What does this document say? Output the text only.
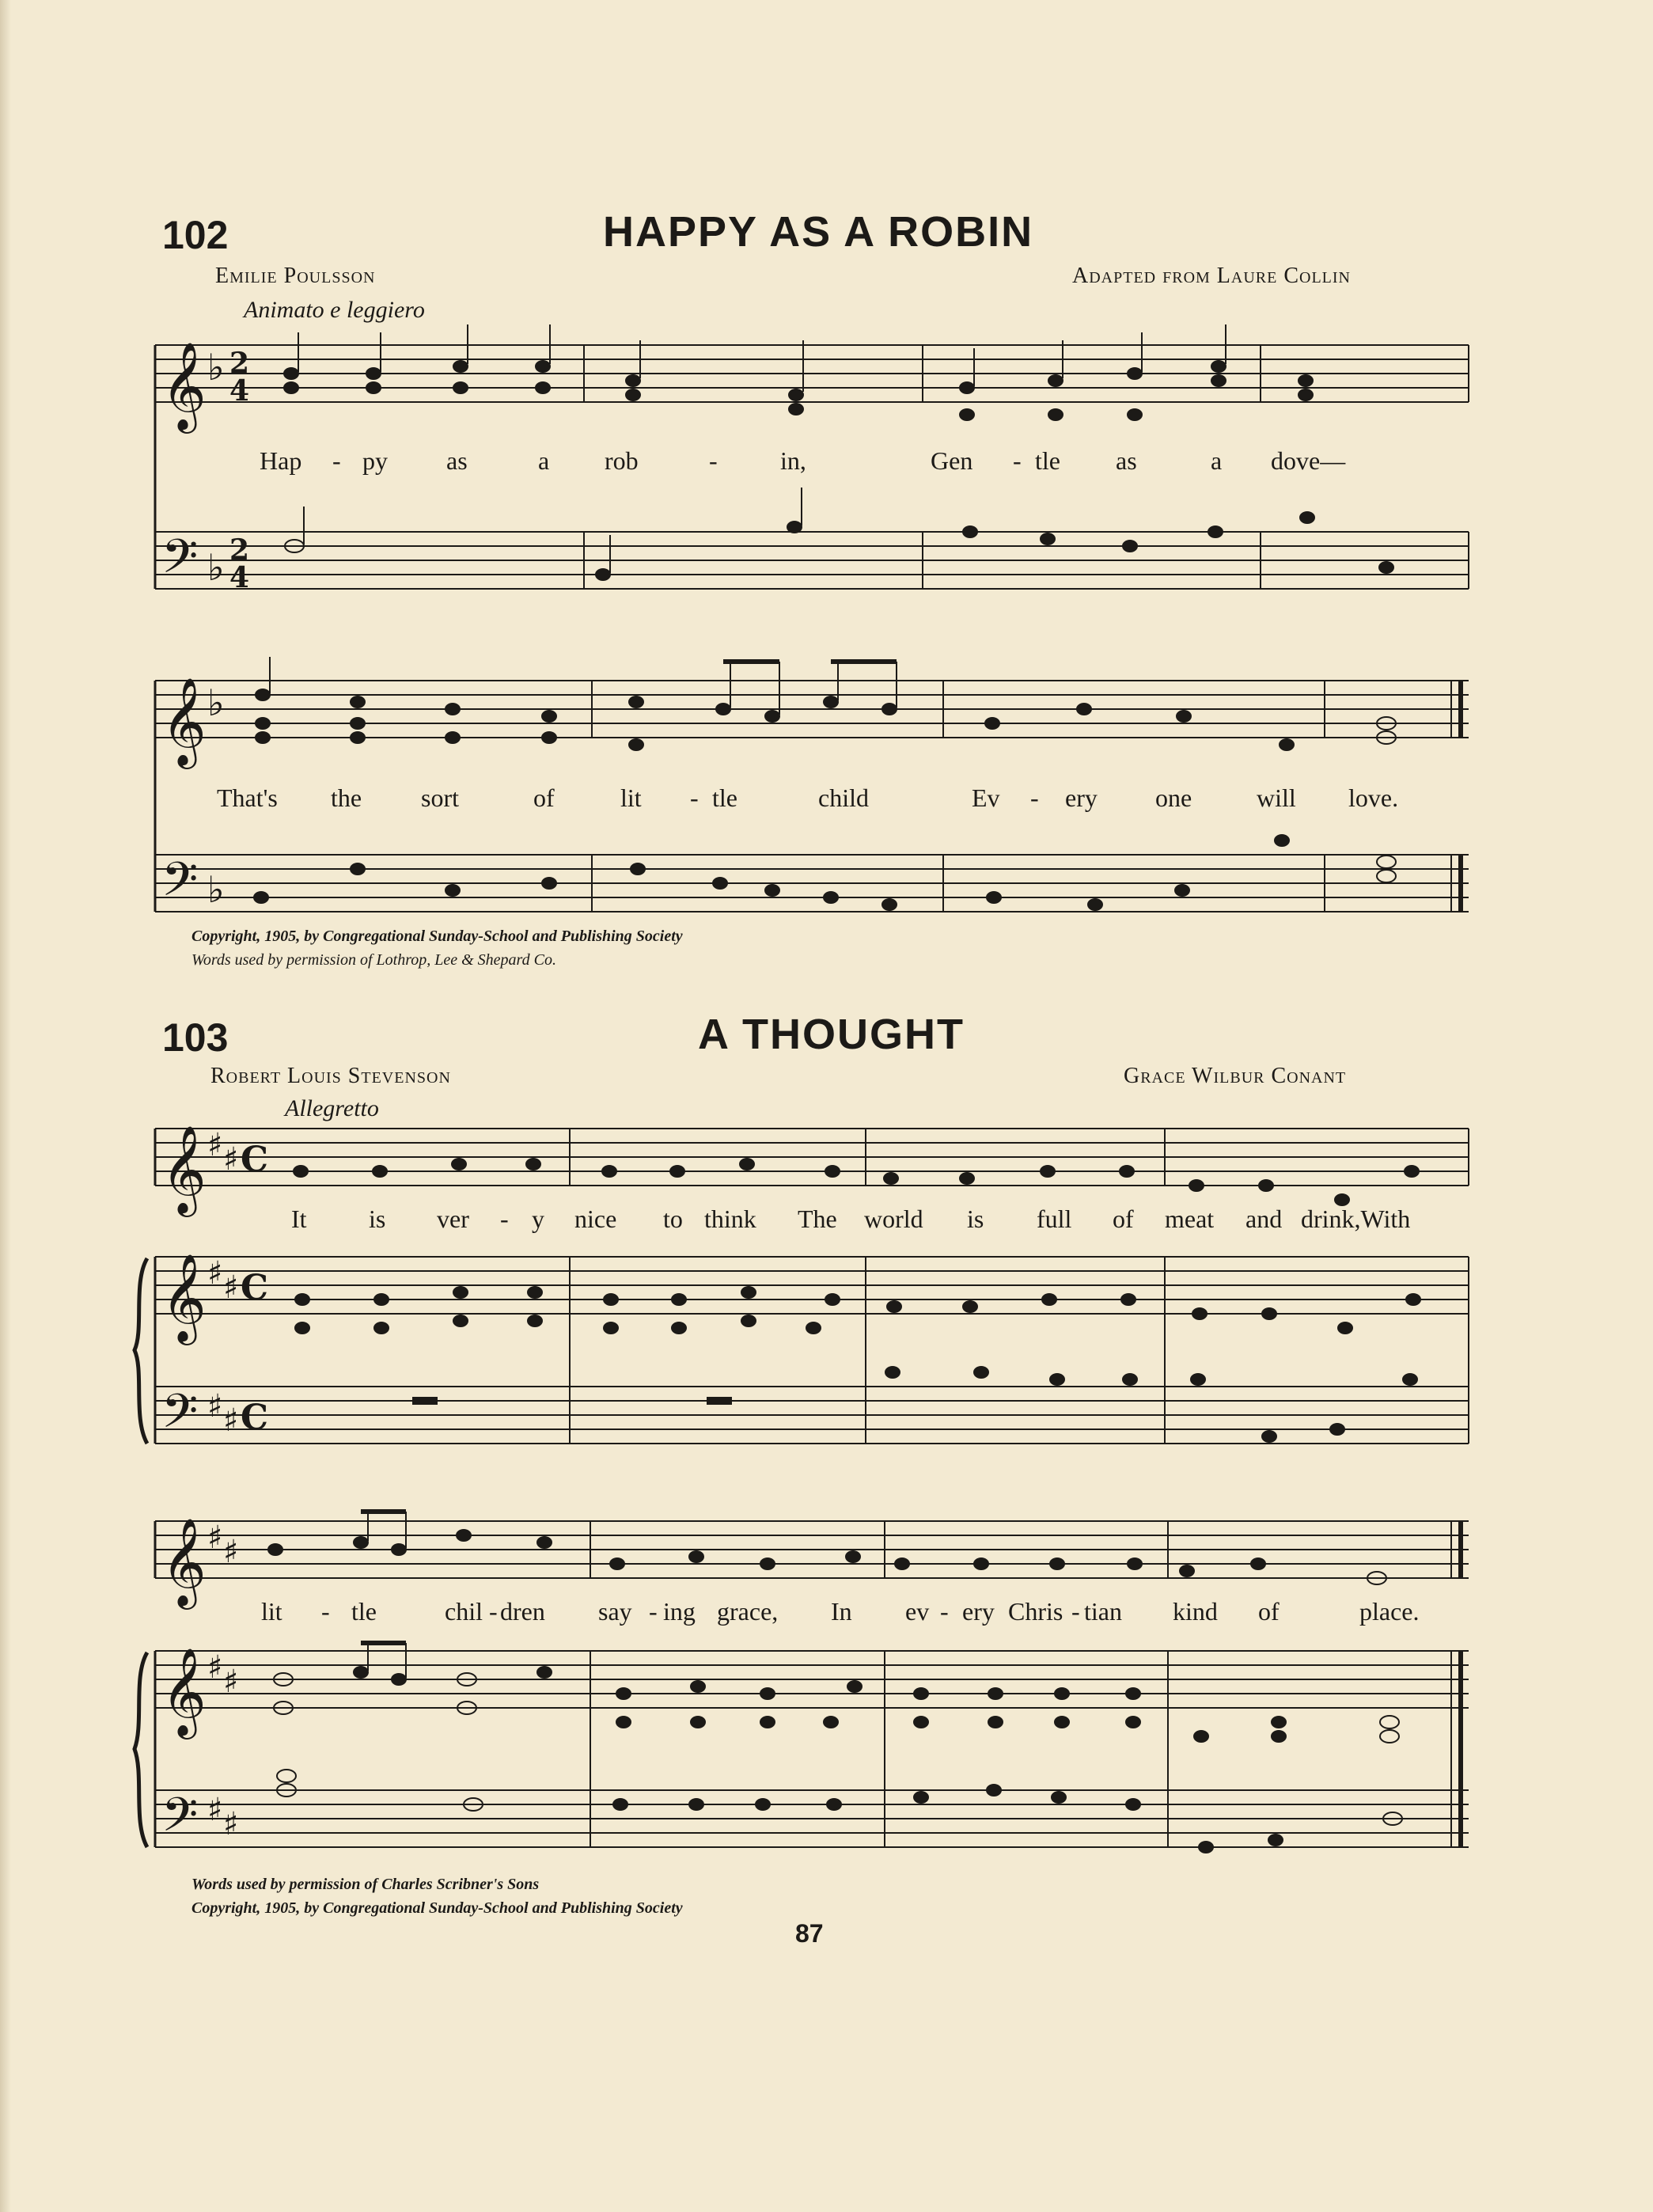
102	HAPPY AS A ROBIN
Emilie Poulsson	Adapted from Laure Collin
Animato e leggiero
𝄞
𝄢
♭
♭
2
4
2
4
𝄞
𝄢
♭
♭
𝄞 ♯ ♯ C
𝄞 ♯ ♯ C
𝄢 ♯ ♯ C
𝄞 ♯ ♯
𝄞 ♯ ♯
𝄢 ♯ ♯
Hap - py as	a rob	- in,	Gen - tle as	a dove—
That's the sort	of	lit - tle	child	Ev - ery one	will love.
Copyright, 1905, by Congregational Sunday-School and Publishing Society
Words used by permission of Lothrop, Lee & Shepard Co.
103	A THOUGHT
Robert Louis Stevenson	Grace Wilbur Conant
Allegretto
It is ver - y nice to think The world is full of meat and drink,With
lit - tle	chil - dren say - ing grace, In ev - ery Chris - tian kind of	place.
Words used by permission of Charles Scribner's Sons
Copyright, 1905, by Congregational Sunday-School and Publishing Society
87
